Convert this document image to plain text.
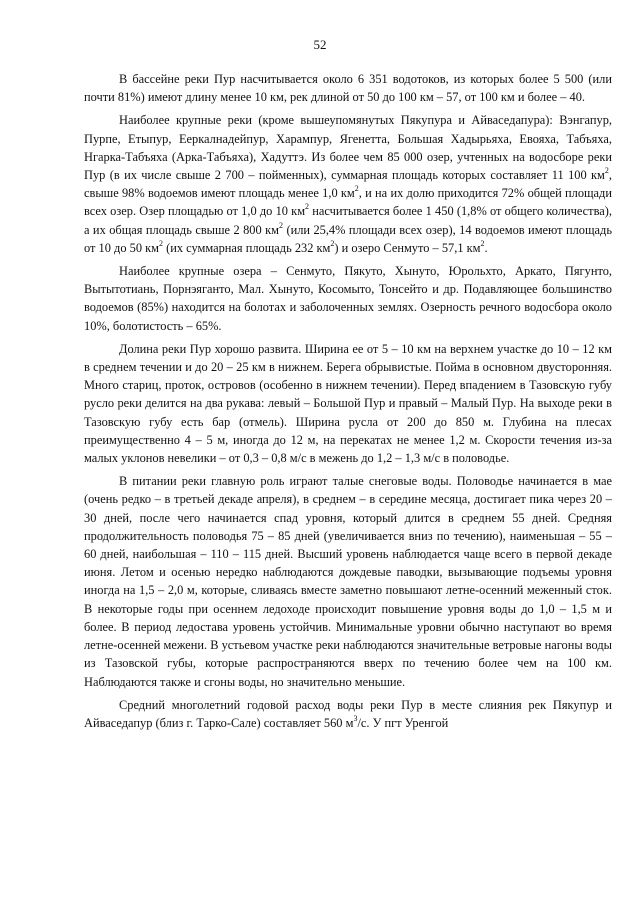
52

В бассейне реки Пур насчитывается около 6 351 водотоков, из которых более 5 500 (или почти 81%) имеют длину менее 10 км, рек длиной от 50 до 100 км – 57, от 100 км и более – 40.

Наиболее крупные реки (кроме вышеупомянутых Пякупура и Айваседапура): Вэнгапур, Пурпе, Етыпур, Ееркалнадейпур, Харампур, Ягенетта, Большая Хадырьяха, Евояха, Табъяха, Нгарка-Табъяха (Арка-Табъяха), Хадуттэ. Из более чем 85 000 озер, учтенных на водосборе реки Пур (в их числе свыше 2 700 – пойменных), суммарная площадь которых составляет 11 100 $км^2$, свыше 98% водоемов имеют площадь менее 1,0 $км^2$, и на их долю приходится 72% общей площади всех озер. Озер площадью от 1,0 до 10 $км^2$ насчитывается более 1 450 (1,8% от общего количества), а их общая площадь свыше 2 800 $км^2$ (или 25,4% площади всех озер), 14 водоемов имеют площадь от 10 до 50 $км^2$ (их суммарная площадь 232 $км^2$) и озеро Сенмуто – 57,1 $км^2$.

Наиболее крупные озера – Сенмуто, Пякуто, Хынуто, Юрольхто, Аркато, Пягунто, Вытытотиань, Порнэяганто, Мал. Хынуто, Косомыто, Тонсейто и др. Подавляющее большинство водоемов (85%) находится на болотах и заболоченных землях. Озерность речного водосбора около 10%, болотистость – 65%.

Долина реки Пур хорошо развита. Ширина ее от 5 – 10 км на верхнем участке до 10 – 12 км в среднем течении и до 20 – 25 км в нижнем. Берега обрывистые. Пойма в основном двусторонняя. Много стариц, проток, островов (особенно в нижнем течении). Перед впадением в Тазовскую губу русло реки делится на два рукава: левый – Большой Пур и правый – Малый Пур. На выходе реки в Тазовскую губу есть бар (отмель). Ширина русла от 200 до 850 м. Глубина на плесах преимущественно 4 – 5 м, иногда до 12 м, на перекатах не менее 1,2 м. Скорости течения из-за малых уклонов невелики – от 0,3 – 0,8 м/с в межень до 1,2 – 1,3 м/с в половодье.

В питании реки главную роль играют талые снеговые воды. Половодье начинается в мае (очень редко – в третьей декаде апреля), в среднем – в середине месяца, достигает пика через 20 – 30 дней, после чего начинается спад уровня, который длится в среднем 55 дней. Средняя продолжительность половодья 75 – 85 дней (увеличивается вниз по течению), наименьшая – 55 – 60 дней, наибольшая – 110 – 115 дней. Высший уровень наблюдается чаще всего в первой декаде июня. Летом и осенью нередко наблюдаются дождевые паводки, вызывающие подъемы уровня иногда на 1,5 – 2,0 м, которые, сливаясь вместе заметно повышают летне-осенний меженный сток. В некоторые годы при осеннем ледоходе происходит повышение уровня воды до 1,0 – 1,5 м и более. В период ледостава уровень устойчив. Минимальные уровни обычно наступают во время летне-осенней межени. В устьевом участке реки наблюдаются значительные ветровые нагоны воды из Тазовской губы, которые распространяются вверх по течению более чем на 100 км. Наблюдаются также и сгоны воды, но значительно меньшие.

Средний многолетний годовой расход воды реки Пур в месте слияния рек Пякупур и Айваседапур (близ г. Тарко-Сале) составляет 560 $м^3/с$. У пгт Уренгой
